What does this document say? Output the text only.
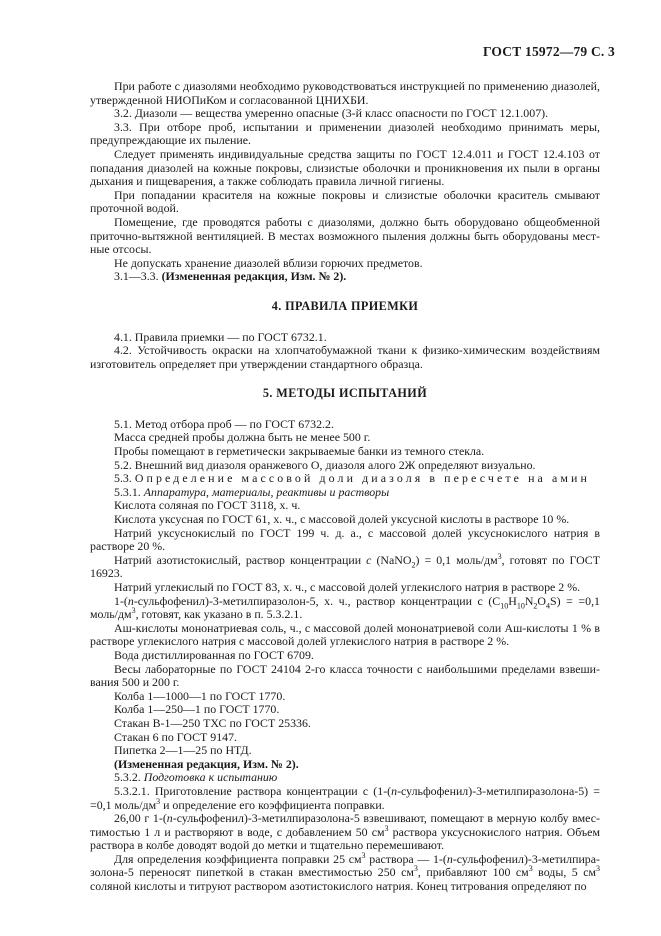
ГОСТ 15972—79 С. 3

При работе с диазолями необходимо руководствоваться инструкцией по применению диазолей, утвержденной НИОПиКом и согласованной ЦНИХБИ.

3.2. Диазоли — вещества умеренно опасные (3-й класс опасности по ГОСТ 12.1.007).

3.3. При отборе проб, испытании и применении диазолей необходимо принимать меры, предупреждающие их пыление.

Следует применять индивидуальные средства защиты по ГОСТ 12.4.011 и ГОСТ 12.4.103 от попадания диазолей на кожные покровы, слизистые оболочки и проникновения их пыли в органы дыхания и пищеварения, а также соблюдать правила личной гигиены.

При попадании красителя на кожные покровы и слизистые оболочки краситель смывают проточной водой.

Помещение, где проводятся работы с диазолями, должно быть оборудовано общеобменной приточно-вытяжной вентиляцией. В местах возможного пыления должны быть оборудованы мест-ные отсосы.

Не допускать хранение диазолей вблизи горючих предметов.

3.1—3.3. (Измененная редакция, Изм. № 2).

4. ПРАВИЛА ПРИЕМКИ

4.1. Правила приемки — по ГОСТ 6732.1.

4.2. Устойчивость окраски на хлопчатобумажной ткани к физико-химическим воздействиям изготовитель определяет при утверждении стандартного образца.

5. МЕТОДЫ ИСПЫТАНИЙ

5.1. Метод отбора проб — по ГОСТ 6732.2.

Масса средней пробы должна быть не менее 500 г.

Пробы помещают в герметически закрываемые банки из темного стекла.

5.2. Внешний вид диазоля оранжевого О, диазоля алого 2Ж определяют визуально.

5.3. Определение массовой доли диазоля в пересчете на амин

5.3.1. Аппаратура, материалы, реактивы и растворы

Кислота соляная по ГОСТ 3118, х. ч.

Кислота уксусная по ГОСТ 61, х. ч., с массовой долей уксусной кислоты в растворе 10 %.

Натрий уксуснокислый по ГОСТ 199 ч. д. а., с массовой долей уксуснокислого натрия в растворе 20 %.

Натрий азотистокислый, раствор концентрации c (NaNO$_2$) = 0,1 моль/$дм^3$, готовят по ГОСТ 16923.

Натрий углекислый по ГОСТ 83, х. ч., с массовой долей углекислого натрия в растворе 2 %.

1-(n-сульфофенил)-3-метилпиразолон-5, х. ч., раствор концентрации c $(C_{10}H_{10}N_2O_4S) = =0,1$ моль/$дм^3$, готовят, как указано в п. 5.3.2.1.

Аш-кислоты мононатриевая соль, ч., с массовой долей мононатриевой соли Аш-кислоты 1 % в растворе углекислого натрия с массовой долей углекислого натрия в растворе 2 %.

Вода дистиллированная по ГОСТ 6709.

Весы лабораторные по ГОСТ 24104 2-го класса точности с наибольшими пределами взвеши-вания 500 и 200 г.

Колба 1—1000—1 по ГОСТ 1770.

Колба 1—250—1 по ГОСТ 1770.

Стакан В-1—250 ТХС по ГОСТ 25336.

Стакан 6 по ГОСТ 9147.

Пипетка 2—1—25 по НТД.

(Измененная редакция, Изм. № 2).

5.3.2. Подготовка к испытанию

5.3.2.1. Приготовление раствора концентрации c (1-(n-сульфофенил)-3-метилпиразолона-5) = =0,1 моль/$дм^3$ и определение его коэффициента поправки.

26,00 г 1-(n-сульфофенил)-3-метилпиразолона-5 взвешивают, помещают в мерную колбу вмес-тимостью 1 л и растворяют в воде, с добавлением 50 $см^3$ раствора уксуснокислого натрия. Объем раствора в колбе доводят водой до метки и тщательно перемешивают.

Для определения коэффициента поправки 25 $см^3$ раствора — 1-(n-сульфофенил)-3-метилпира-золона-5 переносят пипеткой в стакан вместимостью 250 $см^3$, прибавляют 100 $см^3$ воды, 5 $см^3$ соляной кислоты и титруют раствором азотистокислого натрия. Конец титрования определяют по
